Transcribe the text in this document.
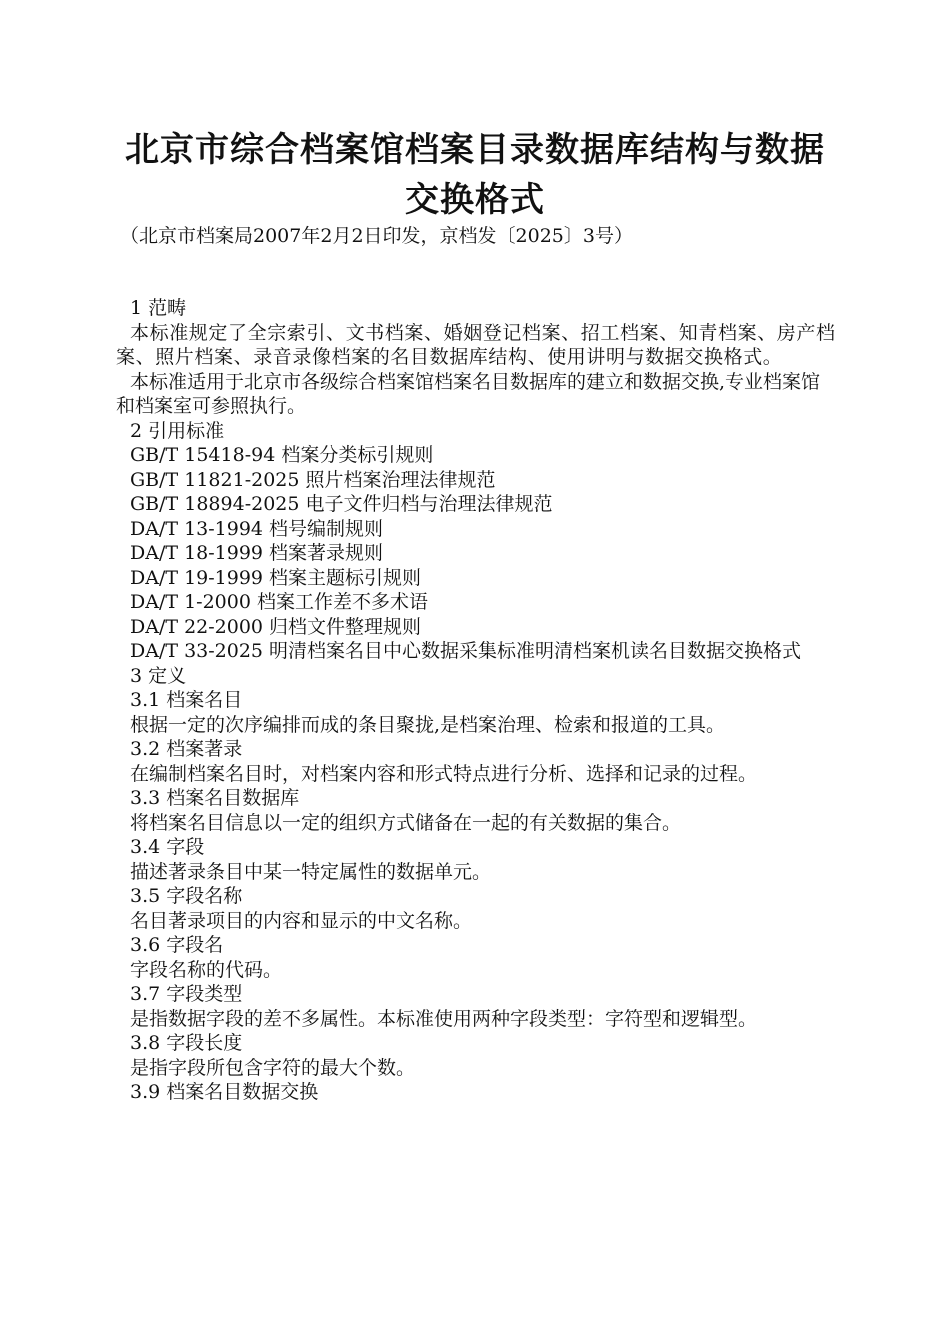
北京市综合档案馆档案目录数据库结构与数据
交换格式
（北京市档案局2007年2月2日印发，京档发〔2025〕3号）

1 范畴

本标准规定了全宗索引、文书档案、婚姻登记档案、招工档案、知青档案、房产档案、照片档案、录音录像档案的名目数据库结构、使用讲明与数据交换格式。

本标准适用于北京市各级综合档案馆档案名目数据库的建立和数据交换,专业档案馆和档案室可参照执行。

2 引用标准

GB/T 15418-94 档案分类标引规则

GB/T 11821-2025 照片档案治理法律规范

GB/T 18894-2025 电子文件归档与治理法律规范

DA/T 13-1994 档号编制规则

DA/T 18-1999 档案著录规则

DA/T 19-1999 档案主题标引规则

DA/T 1-2000 档案工作差不多术语

DA/T 22-2000 归档文件整理规则

DA/T 33-2025 明清档案名目中心数据采集标准明清档案机读名目数据交换格式

3 定义

3.1 档案名目

根据一定的次序编排而成的条目聚拢,是档案治理、检索和报道的工具。

3.2 档案著录

在编制档案名目时，对档案内容和形式特点进行分析、选择和记录的过程。

3.3 档案名目数据库

将档案名目信息以一定的组织方式储备在一起的有关数据的集合。

3.4 字段

描述著录条目中某一特定属性的数据单元。

3.5 字段名称

名目著录项目的内容和显示的中文名称。

3.6 字段名

字段名称的代码。

3.7 字段类型

是指数据字段的差不多属性。本标准使用两种字段类型：字符型和逻辑型。

3.8 字段长度

是指字段所包含字符的最大个数。

3.9 档案名目数据交换
